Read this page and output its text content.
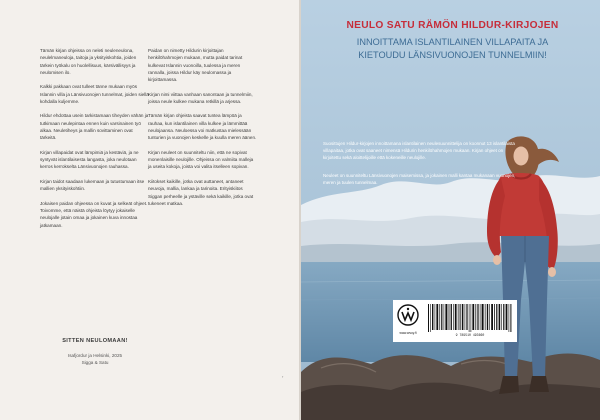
Tämän kirjan ohjeissa on neleti neuleneulona, neulelmaneuloja, taitoja ja yksityiskohtia, joiden tärkein työkalu on huolellisuus, kärsivällisyys ja neulomisen ilo.

Kalkki pakkaan ovat tulleet tänne mukaan myös Islannin villa ja Länsivuonojen tunnelmat, joiden siellä kohdalla kuljemme.

Hildur ehdottaa usein tarkistamaan tiheyden vähän ja tutkimaan neulepintaa ennen kuin varsinainen työ alkaa. Neuletiheys ja mallin sovittaminen ovat tärkeitä.

Kirjan villapaidat ovat lämpimiä ja kestäviä, ja ne syntyvät islantilaisesta langasta, joka neulotaan kerros kerrokselta Länsivuonojen rauhassa.

Kirjan taidot saadaan lukemaan ja tutustumaan itse mallien yksityiskohtiin.

Jokaisen paidan ohjeessa on kuvat ja selkeät ohjeet. Toivomme, että näistä ohjeista löytyy jokaiselle neulojalle jotain omaa ja jokainen kuva innostaa jatkamaan.

Paidan on nimetty Hildurin kirjoittajan henkilöhahmojen mukaan, mutta paidat tarinat kulkevat Islannin vuonoilla, tuulessa ja meren rannalla, joissa Hildur käy neulomassa ja kirjoittamassa.

Kirjan nimi viittaa vanhaan sanontaan ja tunnelmiin, joissa neule kulkee mukana retkillä ja arjessa.

Tämän kirjan ohjeista saavat tuntea lämpöä ja rauhaa, kun islantilainen villa kulkee ja lämmittää neulojaansa. Neuloessa voi matkustaa mielessään tunturien ja vuonojen keskelle ja kuulla meren äänen.

Kirjan neuleet on suunniteltu niin, että ne sopivat monenlaisille neulojille. Ohjeissa on valmiita malleja ja useita kokoja, joista voi valita itselleen sopivan.

Kiitokset kaikille, jotka ovat auttaneet, antaneet neuvoja, mallia, lankaa ja tarinoita. Erityiskiitos Siggan perheelle ja ystäville sekä kaikille, jotka ovat tukeneet matkaa.

SITTEN NEULOMAAN!
Isafjordur ja Helsinki, 2025
Sigga & Satu
›
NEULO SATU RÄMÖN HILDUR-KIRJOJEN
INNOITTAMA ISLANTILAINEN VILLAPAITA JA
KIETOUDU LÄNSIVUONOJEN TUNNELMIIN!
Suosittujen Hildur-kirjojen innoittamana islantilainen neulesuunnittelija on koonnut 13 islantilaista villapaitaa, jotka ovat saaneet nimensä Hildurin henkilöhahmojen mukaan. Kirjan ohjeet on kirjoitettu sekä aloittelijoille että kokeneille neulojille.
Neuleet on suunniteltu Länsivuonojen maisemissa, ja jokainen malli kantaa mukanaan vuonojen, meren ja tuulen tunnelmaa.
www.wsoy.fi	9 789510 493660
